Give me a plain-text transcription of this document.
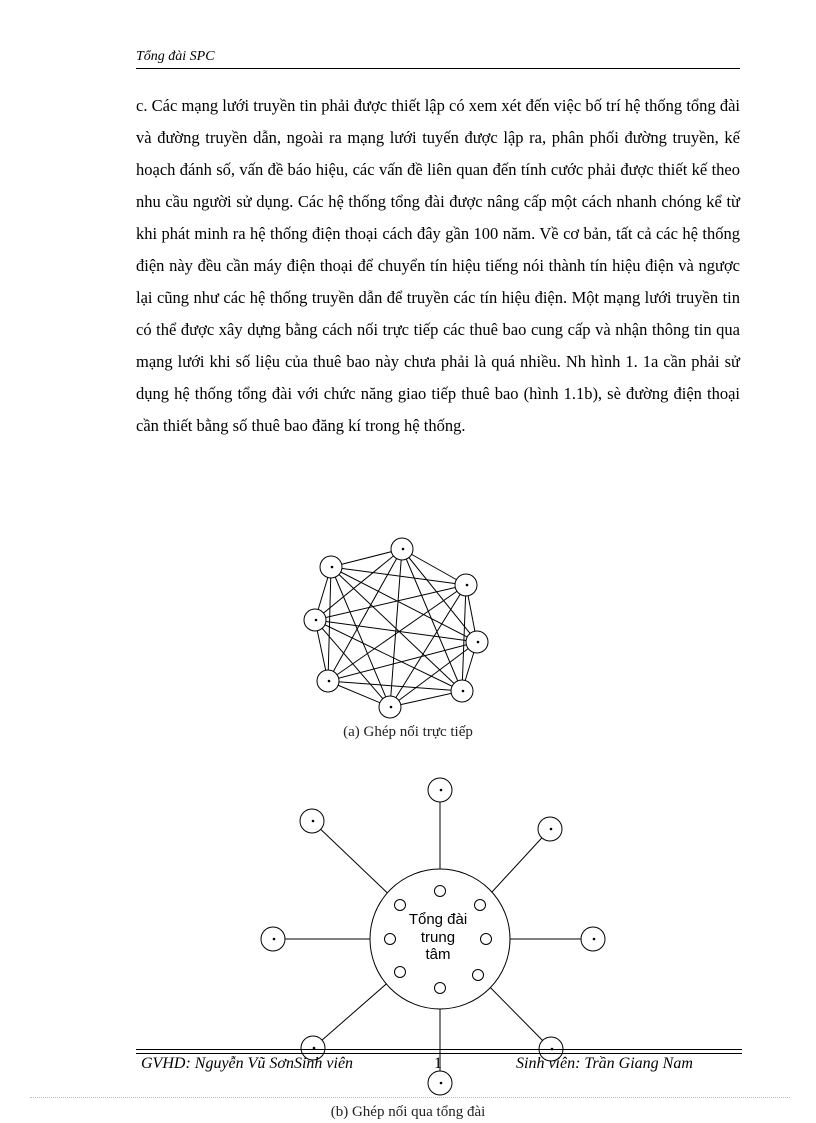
Tổng đài SPC

c. Các mạng lưới truyền tin phải được thiết lập có xem xét đến việc bố trí hệ thống tổng đài và đường truyền dẫn, ngoài ra mạng lưới tuyến được lập ra, phân phối đường truyền, kế hoạch đánh số, vấn đề báo hiệu, các vấn đề liên quan đến tính cước phải được thiết kế theo nhu cầu người sử dụng. Các hệ thống tổng đài được nâng cấp một cách nhanh chóng kể từ khi phát minh ra hệ thống điện thoại cách đây gần 100 năm. Về cơ bản, tất cả các hệ thống điện này đều cần máy điện thoại để chuyển tín hiệu tiếng nói thành tín hiệu điện và ngược lại cũng như các hệ thống truyền dẫn để truyền các tín hiệu điện. Một mạng lưới truyền tin có thể được xây dựng bằng cách nối trực tiếp các thuê bao cung cấp và nhận thông tin qua mạng lưới khi số liệu của thuê bao này chưa phải là quá nhiều. Nh hình 1. 1a cần phải sử dụng hệ thống tổng đài với chức năng giao tiếp thuê bao (hình 1.1b), sè đường điện thoại cần thiết bằng số thuê bao đăng kí trong hệ thống.

(a) Ghép nối trực tiếp
Tổng đài
trung
tâm
GVHD: Nguyễn Vũ SơnSinh viên	1	Sinh viên: Trần Giang Nam
(b) Ghép nối qua tổng đài
